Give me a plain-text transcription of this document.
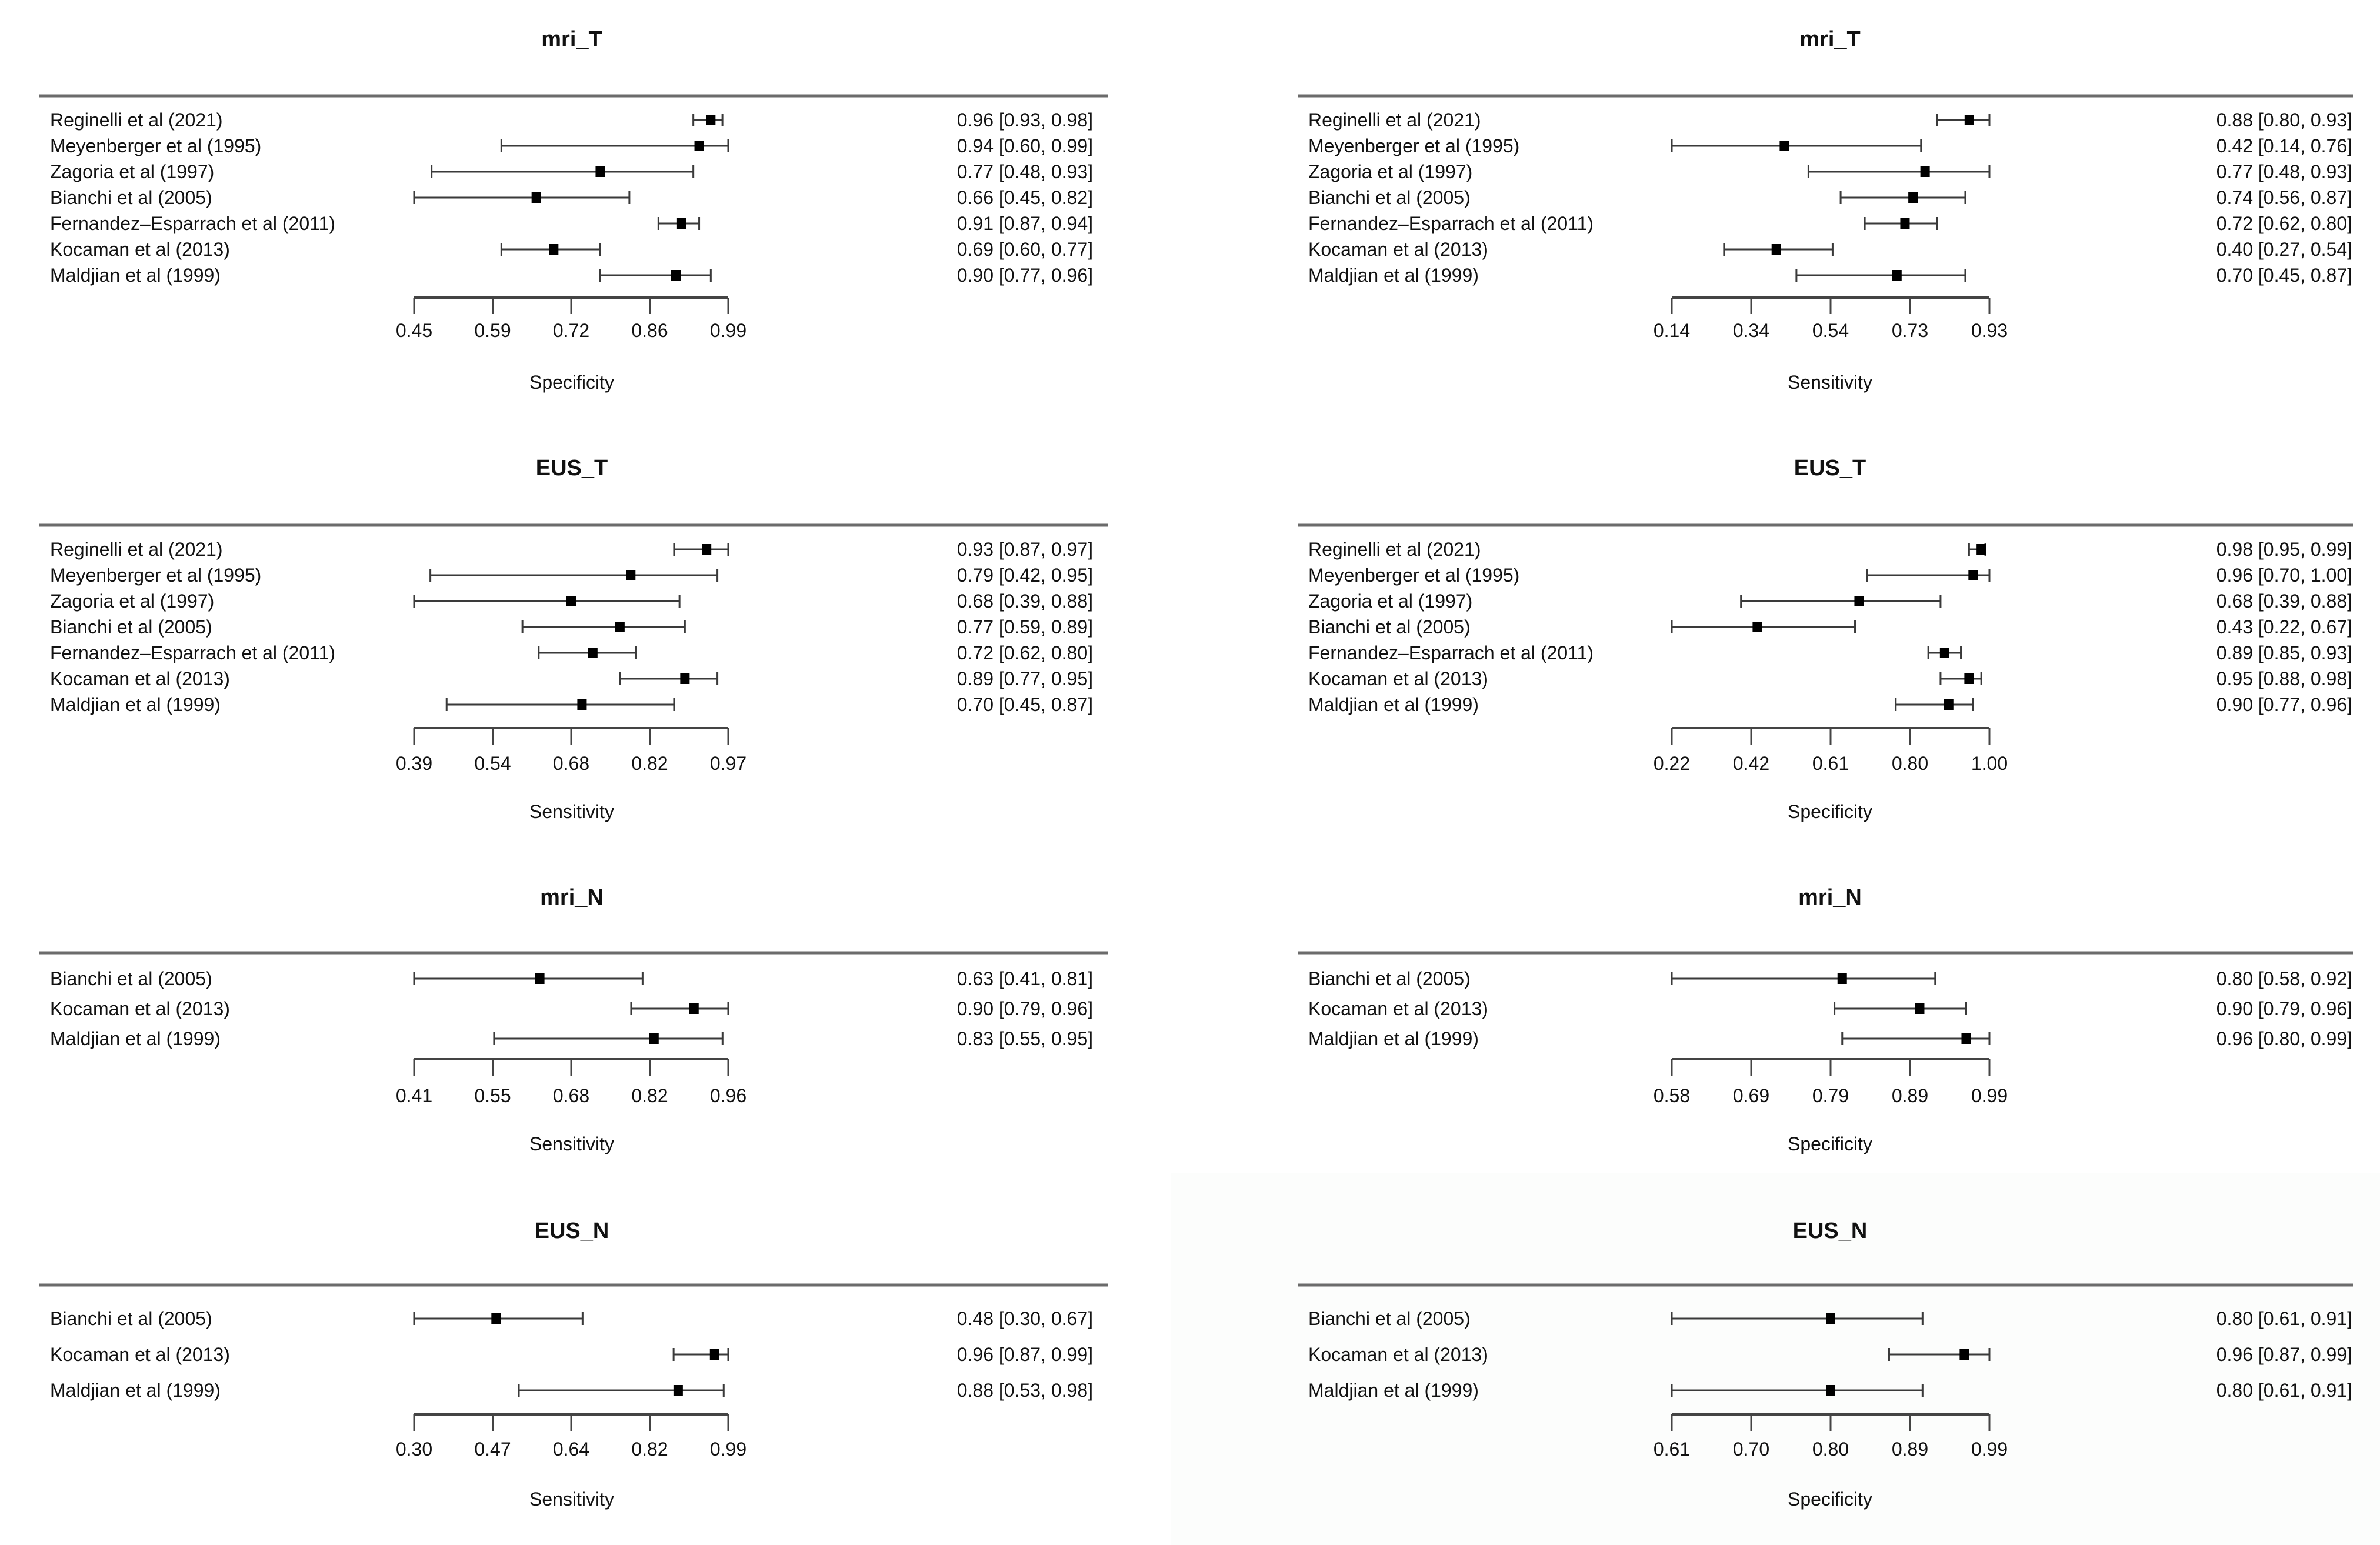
mri_T
Reginelli et al (2021)	0.96 [0.93, 0.98]
Meyenberger et al (1995)	0.94 [0.60, 0.99]
Zagoria et al (1997)	0.77 [0.48, 0.93]
Bianchi et al (2005)	0.66 [0.45, 0.82]
Fernandez–Esparrach et al (2011)	0.91 [0.87, 0.94]
Kocaman et al (2013)	0.69 [0.60, 0.77]
Maldjian et al (1999)	0.90 [0.77, 0.96]
0.45 0.59 0.72 0.86 0.99
Specificity
mri_T
Reginelli et al (2021)	0.88 [0.80, 0.93]
Meyenberger et al (1995)	0.42 [0.14, 0.76]
Zagoria et al (1997)	0.77 [0.48, 0.93]
Bianchi et al (2005)	0.74 [0.56, 0.87]
Fernandez–Esparrach et al (2011)	0.72 [0.62, 0.80]
Kocaman et al (2013)	0.40 [0.27, 0.54]
Maldjian et al (1999)	0.70 [0.45, 0.87]
0.14 0.34 0.54 0.73 0.93
Sensitivity
EUS_T
Reginelli et al (2021)	0.93 [0.87, 0.97]
Meyenberger et al (1995)	0.79 [0.42, 0.95]
Zagoria et al (1997)	0.68 [0.39, 0.88]
Bianchi et al (2005)	0.77 [0.59, 0.89]
Fernandez–Esparrach et al (2011)	0.72 [0.62, 0.80]
Kocaman et al (2013)	0.89 [0.77, 0.95]
Maldjian et al (1999)	0.70 [0.45, 0.87]
0.39 0.54 0.68 0.82 0.97
Sensitivity
EUS_T
Reginelli et al (2021)	0.98 [0.95, 0.99]
Meyenberger et al (1995)	0.96 [0.70, 1.00]
Zagoria et al (1997)	0.68 [0.39, 0.88]
Bianchi et al (2005)	0.43 [0.22, 0.67]
Fernandez–Esparrach et al (2011)	0.89 [0.85, 0.93]
Kocaman et al (2013)	0.95 [0.88, 0.98]
Maldjian et al (1999)	0.90 [0.77, 0.96]
0.22 0.42 0.61 0.80 1.00
Specificity
mri_N
Bianchi et al (2005)	0.63 [0.41, 0.81]
Kocaman et al (2013)	0.90 [0.79, 0.96]
Maldjian et al (1999)	0.83 [0.55, 0.95]
0.41 0.55 0.68 0.82 0.96
Sensitivity
mri_N
Bianchi et al (2005)	0.80 [0.58, 0.92]
Kocaman et al (2013)	0.90 [0.79, 0.96]
Maldjian et al (1999)	0.96 [0.80, 0.99]
0.58 0.69 0.79 0.89 0.99
Specificity
EUS_N
Bianchi et al (2005)	0.48 [0.30, 0.67]
Kocaman et al (2013)	0.96 [0.87, 0.99]
Maldjian et al (1999)	0.88 [0.53, 0.98]
0.30 0.47 0.64 0.82 0.99
Sensitivity
EUS_N
Bianchi et al (2005)	0.80 [0.61, 0.91]
Kocaman et al (2013)	0.96 [0.87, 0.99]
Maldjian et al (1999)	0.80 [0.61, 0.91]
0.61 0.70 0.80 0.89 0.99
Specificity
